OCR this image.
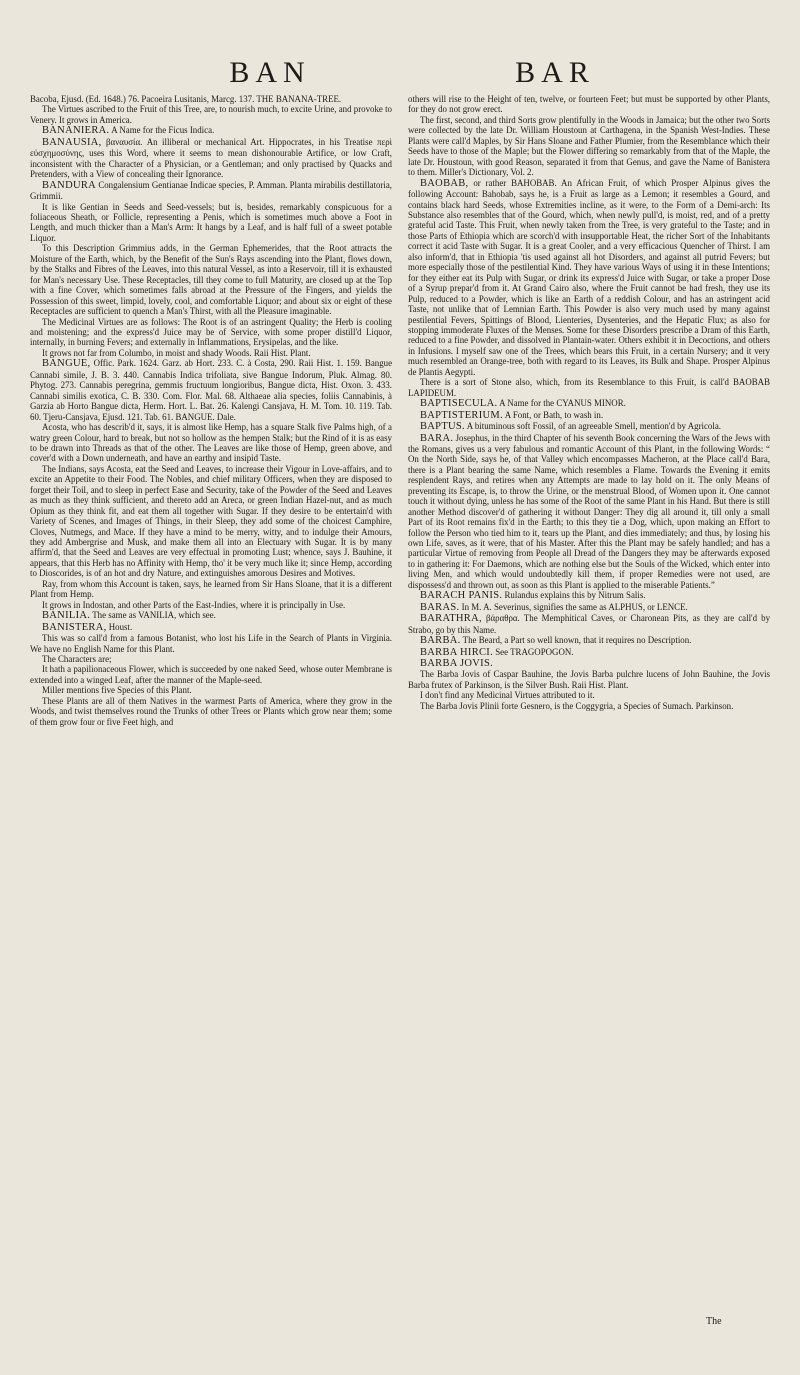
BAN	BAR

Bacoba, Ejusd. (Ed. 1648.) 76. Pacoeira Lusitanis, Marcg. 137. THE BANANA-TREE.

The Virtues ascribed to the Fruit of this Tree, are, to nourish much, to excite Urine, and provoke to Venery. It grows in America.

BANANIERA. A Name for the Ficus Indica.

BANAUSIA, βαναυσία. An illiberal or mechanical Art. Hippocrates, in his Treatise περὶ εὐσχημοσύνης, uses this Word, where it seems to mean dishonourable Artifice, or low Craft, inconsistent with the Character of a Physician, or a Gentleman; and only practised by Quacks and Pretenders, with a View of concealing their Ignorance.

BANDURA Congalensium Gentianae Indicae species, P. Amman. Planta mirabilis destillatoria, Grimmii.

It is like Gentian in Seeds and Seed-vessels; but is, besides, remarkably conspicuous for a foliaceous Sheath, or Follicle, representing a Penis, which is sometimes much above a Foot in Length, and much thicker than a Man's Arm: It hangs by a Leaf, and is half full of a sweet potable Liquor.

To this Description Grimmius adds, in the German Ephemerides, that the Root attracts the Moisture of the Earth, which, by the Benefit of the Sun's Rays ascending into the Plant, flows down, by the Stalks and Fibres of the Leaves, into this natural Vessel, as into a Reservoir, till it is exhausted for Man's necessary Use. These Receptacles, till they come to full Maturity, are closed up at the Top with a fine Cover, which sometimes falls abroad at the Pressure of the Fingers, and yields the Possession of this sweet, limpid, lovely, cool, and comfortable Liquor; and about six or eight of these Receptacles are sufficient to quench a Man's Thirst, with all the Pleasure imaginable.

The Medicinal Virtues are as follows: The Root is of an astringent Quality; the Herb is cooling and moistening; and the express'd Juice may be of Service, with some proper distill'd Liquor, internally, in burning Fevers; and externally in Inflammations, Erysipelas, and the like.

It grows not far from Columbo, in moist and shady Woods. Raii Hist. Plant.

BANGUE, Offic. Park. 1624. Garz. ab Hort. 233. C. à Costa, 290. Raii Hist. 1. 159. Bangue Cannabi simile, J. B. 3. 440. Cannabis Indica trifoliata, sive Bangue Indorum, Pluk. Almag. 80. Phytog. 273. Cannabis peregrina, gemmis fructuum longioribus, Bangue dicta, Hist. Oxon. 3. 433. Cannabi similis exotica, C. B. 330. Com. Flor. Mal. 68. Althaeae alia species, foliis Cannabinis, à Garzia ab Horto Bangue dicta, Herm. Hort. L. Bat. 26. Kalengi Cansjava, H. M. Tom. 10. 119. Tab. 60. Tjeru-Cansjava, Ejusd. 121. Tab. 61. BANGUE. Dale.

Acosta, who has describ'd it, says, it is almost like Hemp, has a square Stalk five Palms high, of a watry green Colour, hard to break, but not so hollow as the hempen Stalk; but the Rind of it is as easy to be drawn into Threads as that of the other. The Leaves are like those of Hemp, green above, and cover'd with a Down underneath, and have an earthy and insipid Taste.

The Indians, says Acosta, eat the Seed and Leaves, to increase their Vigour in Love-affairs, and to excite an Appetite to their Food. The Nobles, and chief military Officers, when they are disposed to forget their Toil, and to sleep in perfect Ease and Security, take of the Powder of the Seed and Leaves as much as they think sufficient, and thereto add an Areca, or green Indian Hazel-nut, and as much Opium as they think fit, and eat them all together with Sugar. If they desire to be entertain'd with Variety of Scenes, and Images of Things, in their Sleep, they add some of the choicest Camphire, Cloves, Nutmegs, and Mace. If they have a mind to be merry, witty, and to indulge their Amours, they add Ambergrise and Musk, and make them all into an Electuary with Sugar. It is by many affirm'd, that the Seed and Leaves are very effectual in promoting Lust; whence, says J. Bauhine, it appears, that this Herb has no Affinity with Hemp, tho' it be very much like it; since Hemp, according to Dioscorides, is of an hot and dry Nature, and extinguishes amorous Desires and Motives.

Ray, from whom this Account is taken, says, he learned from Sir Hans Sloane, that it is a different Plant from Hemp.

It grows in Indostan, and other Parts of the East-Indies, where it is principally in Use.

BANILIA. The same as VANILIA, which see.

BANISTERA, Houst.

This was so call'd from a famous Botanist, who lost his Life in the Search of Plants in Virginia. We have no English Name for this Plant.

The Characters are;

It hath a papilionaceous Flower, which is succeeded by one naked Seed, whose outer Membrane is extended into a winged Leaf, after the manner of the Maple-seed.

Miller mentions five Species of this Plant.

These Plants are all of them Natives in the warmest Parts of America, where they grow in the Woods, and twist themselves round the Trunks of other Trees or Plants which grow near them; some of them grow four or five Feet high, and

others will rise to the Height of ten, twelve, or fourteen Feet; but must be supported by other Plants, for they do not grow erect.

The first, second, and third Sorts grow plentifully in the Woods in Jamaica; but the other two Sorts were collected by the late Dr. William Houstoun at Carthagena, in the Spanish West-Indies. These Plants were call'd Maples, by Sir Hans Sloane and Father Plumier, from the Resemblance which their Seeds have to those of the Maple; but the Flower differing so remarkably from that of the Maple, the late Dr. Houstoun, with good Reason, separated it from that Genus, and gave the Name of Banistera to them. Miller's Dictionary, Vol. 2.

BAOBAB, or rather BAHOBAB. An African Fruit, of which Prosper Alpinus gives the following Account: Bahobab, says he, is a Fruit as large as a Lemon; it resembles a Gourd, and contains black hard Seeds, whose Extremities incline, as it were, to the Form of a Demi-arch: Its Substance also resembles that of the Gourd, which, when newly pull'd, is moist, red, and of a pretty grateful acid Taste. This Fruit, when newly taken from the Tree, is very grateful to the Taste; and in those Parts of Ethiopia which are scorch'd with insupportable Heat, the richer Sort of the Inhabitants correct it acid Taste with Sugar. It is a great Cooler, and a very efficacious Quencher of Thirst. I am also inform'd, that in Ethiopia 'tis used against all hot Disorders, and against all putrid Fevers; but more especially those of the pestilential Kind. They have various Ways of using it in these Intentions; for they either eat its Pulp with Sugar, or drink its express'd Juice with Sugar, or take a proper Dose of a Syrup prepar'd from it. At Grand Cairo also, where the Fruit cannot be had fresh, they use its Pulp, reduced to a Powder, which is like an Earth of a reddish Colour, and has an astringent acid Taste, not unlike that of Lemnian Earth. This Powder is also very much used by many against pestilential Fevers, Spittings of Blood, Lienteries, Dysenteries, and the Hepatic Flux; as also for stopping immoderate Fluxes of the Menses. Some for these Disorders prescribe a Dram of this Earth, reduced to a fine Powder, and dissolved in Plantain-water. Others exhibit it in Decoctions, and others in Infusions. I myself saw one of the Trees, which bears this Fruit, in a certain Nursery; and it very much resembled an Orange-tree, both with regard to its Leaves, its Bulk and Shape. Prosper Alpinus de Plantis Aegypti.

There is a sort of Stone also, which, from its Resemblance to this Fruit, is call'd BAOBAB LAPIDEUM.

BAPTISECULA. A Name for the CYANUS MINOR.

BAPTISTERIUM. A Font, or Bath, to wash in.

BAPTUS. A bituminous soft Fossil, of an agreeable Smell, mention'd by Agricola.

BARA. Josephus, in the third Chapter of his seventh Book concerning the Wars of the Jews with the Romans, gives us a very fabulous and romantic Account of this Plant, in the following Words: “ On the North Side, says he, of that Valley which encompasses Macheron, at the Place call'd Bara, there is a Plant bearing the same Name, which resembles a Flame. Towards the Evening it emits resplendent Rays, and retires when any Attempts are made to lay hold on it. The only Means of preventing its Escape, is, to throw the Urine, or the menstrual Blood, of Women upon it. One cannot touch it without dying, unless he has some of the Root of the same Plant in his Hand. But there is still another Method discover'd of gathering it without Danger: They dig all around it, till only a small Part of its Root remains fix'd in the Earth; to this they tie a Dog, which, upon making an Effort to follow the Person who tied him to it, tears up the Plant, and dies immediately; and thus, by losing his own Life, saves, as it were, that of his Master. After this the Plant may be safely handled; and has a particular Virtue of removing from People all Dread of the Dangers they may be afterwards exposed to in gathering it: For Daemons, which are nothing else but the Souls of the Wicked, which enter into living Men, and which would undoubtedly kill them, if proper Remedies were not used, are dispossess'd and thrown out, as soon as this Plant is applied to the miserable Patients.”

BARACH PANIS. Rulandus explains this by Nitrum Salis.

BARAS. In M. A. Severinus, signifies the same as ALPHUS, or LENCE.

BARATHRA, βάραθρα. The Memphitical Caves, or Charonean Pits, as they are call'd by Strabo, go by this Name.

BARBA. The Beard, a Part so well known, that it requires no Description.

BARBA HIRCI. See TRAGOPOGON.

BARBA JOVIS.

The Barba Jovis of Caspar Bauhine, the Jovis Barba pulchre lucens of John Bauhine, the Jovis Barba frutex of Parkinson, is the Silver Bush. Raii Hist. Plant.

I don't find any Medicinal Virtues attributed to it.

The Barba Jovis Plinii forte Gesnero, is the Coggygria, a Species of Sumach. Parkinson.

The
